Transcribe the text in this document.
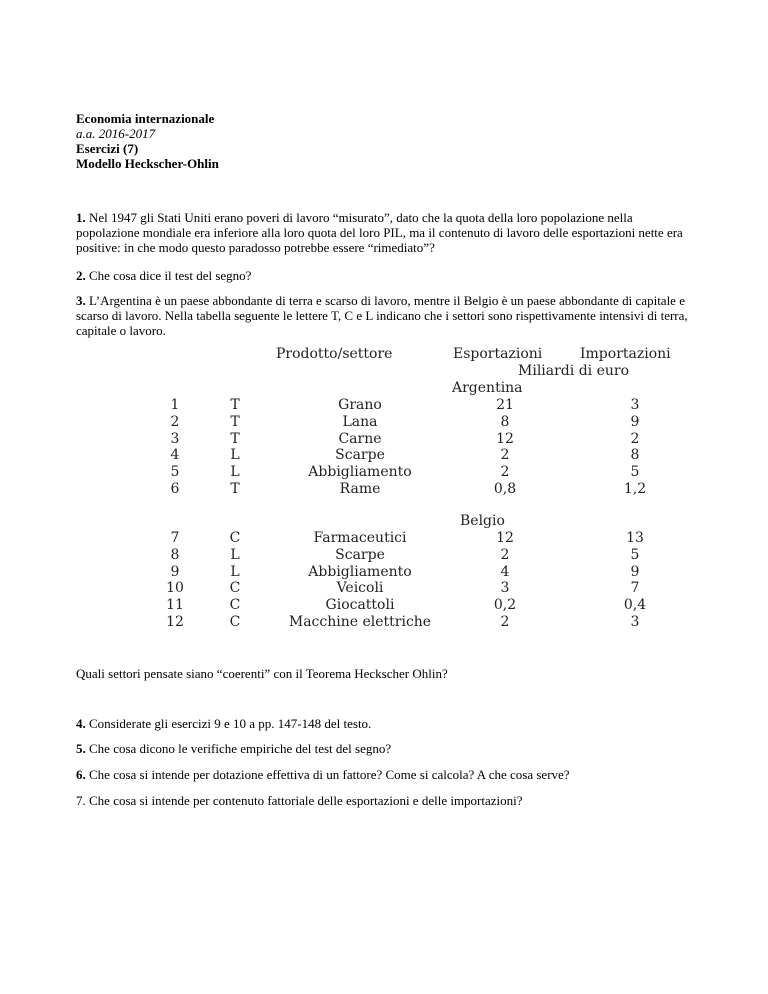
Economia internazionale
a.a. 2016-2017
Esercizi (7)
Modello Heckscher-Ohlin
1. Nel 1947 gli Stati Uniti erano poveri di lavoro “misurato”, dato che la quota della loro popolazione nella popolazione mondiale era inferiore alla loro quota del loro PIL, ma il contenuto di lavoro delle esportazioni nette era positive: in che modo questo paradosso potrebbe essere “rimediato”?
2. Che cosa dice il test del segno?
3. L’Argentina è un paese abbondante di terra e scarso di lavoro, mentre il Belgio è un paese abbondante di capitale e scarso di lavoro. Nella tabella seguente le lettere T, C e L indicano che i settori sono rispettivamente intensivi di terra, capitale o lavoro.
Prodotto/settore	Esportazioni	Importazioni
Miliardi di euro
Argentina
Belgio
1
2
3
4
5
6
T
T
T
L
L
T
Grano
Lana
Carne
Scarpe
Abbigliamento
Rame
21
8
12
2
2
0,8
3
9
2
8
5
1,2
7
8
9
10
11
12
C
L
L
C
C
C
Farmaceutici
Scarpe
Abbigliamento
Veicoli
Giocattoli
Macchine elettriche
12
2
4
3
0,2
2
13
5
9
7
0,4
3
Quali settori pensate siano “coerenti” con il Teorema Heckscher Ohlin?
4. Considerate gli esercizi 9 e 10 a pp. 147-148 del testo.
5. Che cosa dicono le verifiche empiriche del test del segno?
6. Che cosa si intende per dotazione effettiva di un fattore? Come si calcola? A che cosa serve?
7. Che cosa si intende per contenuto fattoriale delle esportazioni e delle importazioni?
